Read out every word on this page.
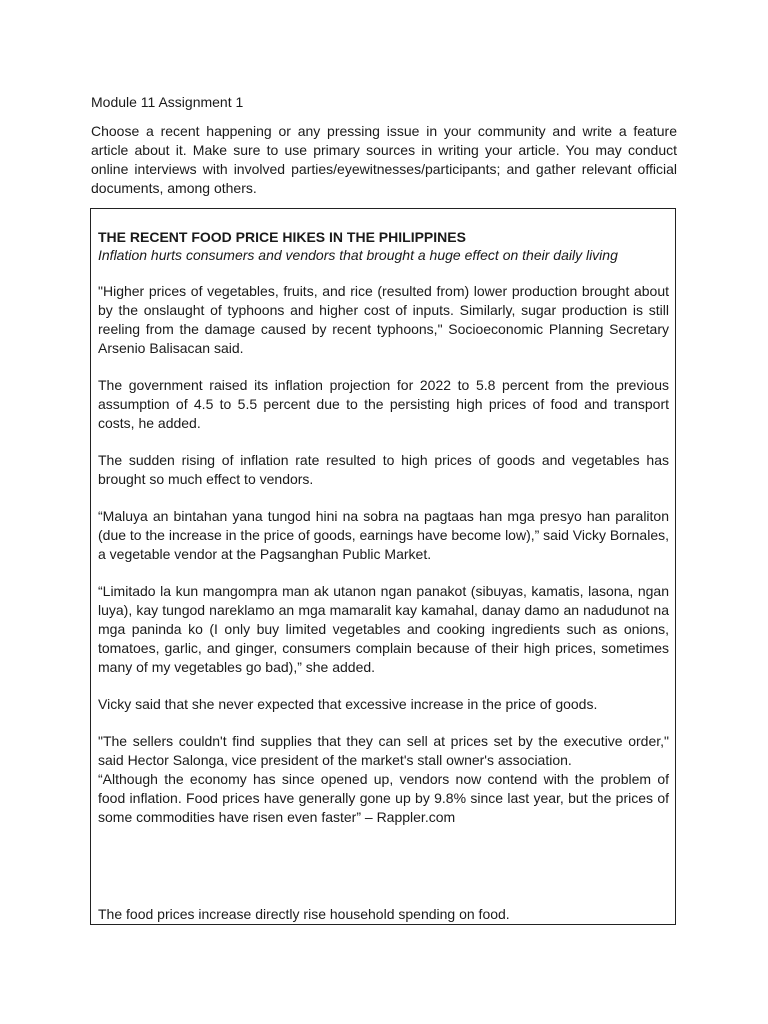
Module 11 Assignment 1

Choose a recent happening or any pressing issue in your community and write a feature article about it. Make sure to use primary sources in writing your article. You may conduct online interviews with involved parties/eyewitnesses/participants; and gather relevant official documents, among others.

THE RECENT FOOD PRICE HIKES IN THE PHILIPPINES

Inflation hurts consumers and vendors that brought a huge effect on their daily living

"Higher prices of vegetables, fruits, and rice (resulted from) lower production brought about by the onslaught of typhoons and higher cost of inputs. Similarly, sugar production is still reeling from the damage caused by recent typhoons," Socioeconomic Planning Secretary Arsenio Balisacan said.

The government raised its inflation projection for 2022 to 5.8 percent from the previous assumption of 4.5 to 5.5 percent due to the persisting high prices of food and transport costs, he added.

The sudden rising of inflation rate resulted to high prices of goods and vegetables has brought so much effect to vendors.

“Maluya an bintahan yana tungod hini na sobra na pagtaas han mga presyo han paraliton (due to the increase in the price of goods, earnings have become low),” said Vicky Bornales, a vegetable vendor at the Pagsanghan Public Market.

“Limitado la kun mangompra man ak utanon ngan panakot (sibuyas, kamatis, lasona, ngan luya), kay tungod nareklamo an mga mamaralit kay kamahal, danay damo an nadudunot na mga paninda ko (I only buy limited vegetables and cooking ingredients such as onions, tomatoes, garlic, and ginger, consumers complain because of their high prices, sometimes many of my vegetables go bad),” she added.

Vicky said that she never expected that excessive increase in the price of goods.

"The sellers couldn't find supplies that they can sell at prices set by the executive order," said Hector Salonga, vice president of the market's stall owner's association.

“Although the economy has since opened up, vendors now contend with the problem of food inflation. Food prices have generally gone up by 9.8% since last year, but the prices of some commodities have risen even faster” – Rappler.com

The food prices increase directly rise household spending on food.
